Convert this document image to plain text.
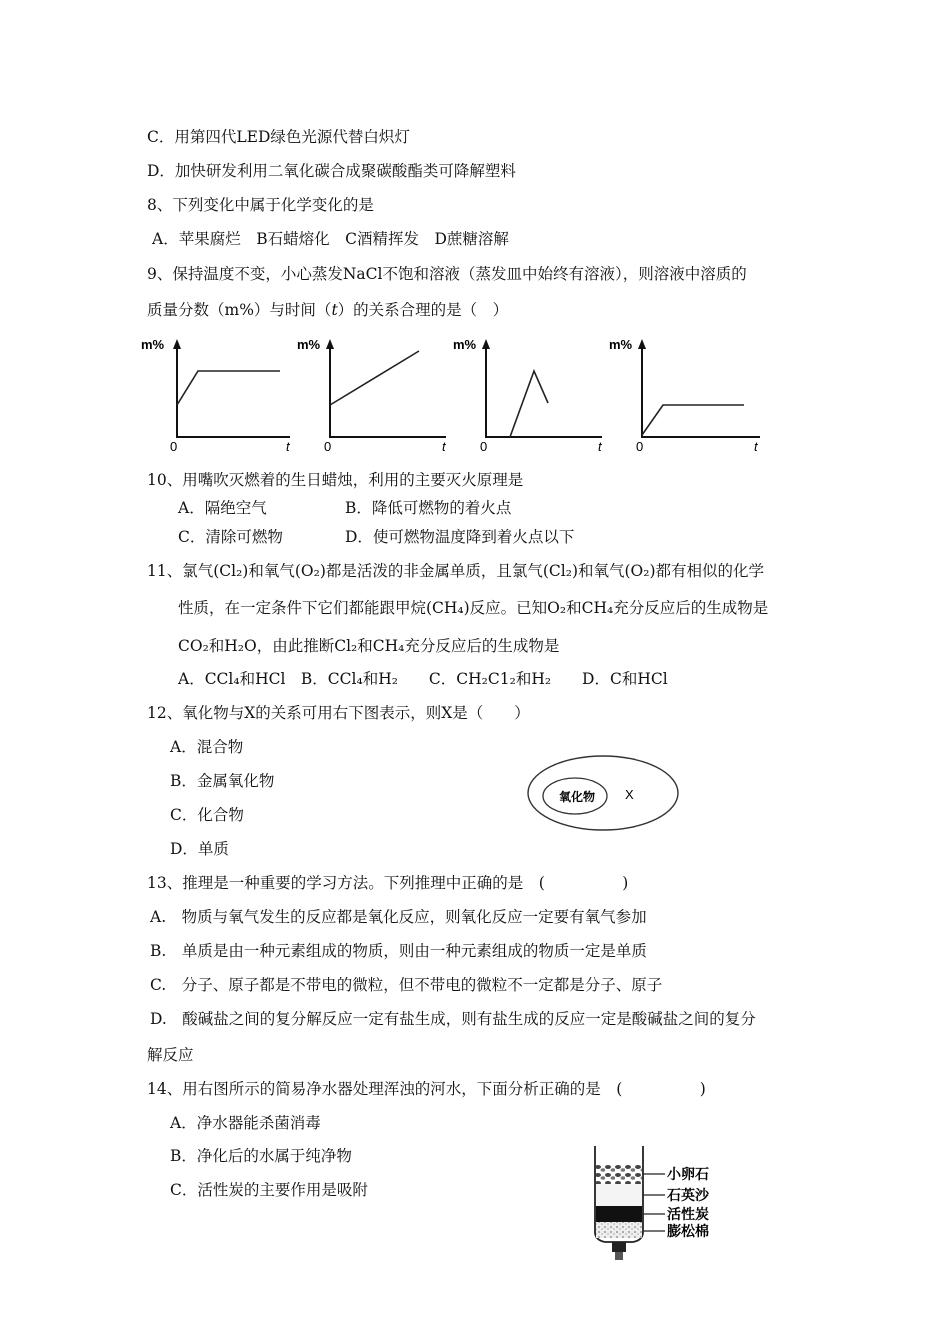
C．用第四代LED绿色光源代替白炽灯
D．加快研发利用二氧化碳合成聚碳酸酯类可降解塑料
8、下列变化中属于化学变化的是
A．苹果腐烂　B石蜡熔化　C酒精挥发　D蔗糖溶解
9、保持温度不变，小心蒸发NaCl不饱和溶液（蒸发皿中始终有溶液），则溶液中溶质的
质量分数（m%）与时间（t）的关系合理的是（　）
m%
0	t
m%
0	t
m%
0	t
m%
0	t
10、用嘴吹灭燃着的生日蜡烛，利用的主要灭火原理是
A．隔绝空气	B．降低可燃物的着火点
C．清除可燃物	D．使可燃物温度降到着火点以下
11、氯气(Cl₂)和氧气(O₂)都是活泼的非金属单质，且氯气(Cl₂)和氧气(O₂)都有相似的化学
性质，在一定条件下它们都能跟甲烷(CH₄)反应。已知O₂和CH₄充分反应后的生成物是
CO₂和H₂O，由此推断Cl₂和CH₄充分反应后的生成物是
A．CCl₄和HCl　B．CCl₄和H₂　　C．CH₂C1₂和H₂　　D．C和HCl
12、氧化物与X的关系可用右下图表示，则X是（　　）
A．混合物
B．金属氧化物
C．化合物
D．单质
氧化物 X
13、推理是一种重要的学习方法。下列推理中正确的是　(　　　　　)
A.　物质与氧气发生的反应都是氧化反应，则氧化反应一定要有氧气参加
B.　单质是由一种元素组成的物质，则由一种元素组成的物质一定是单质
C.　分子、原子都是不带电的微粒，但不带电的微粒不一定都是分子、原子
D.　酸碱盐之间的复分解反应一定有盐生成，则有盐生成的反应一定是酸碱盐之间的复分
解反应
14、用右图所示的简易净水器处理浑浊的河水，下面分析正确的是　(　　　　　)
A．净水器能杀菌消毒
B．净化后的水属于纯净物
C．活性炭的主要作用是吸附
小卵石
石英沙
活性炭
膨松棉
